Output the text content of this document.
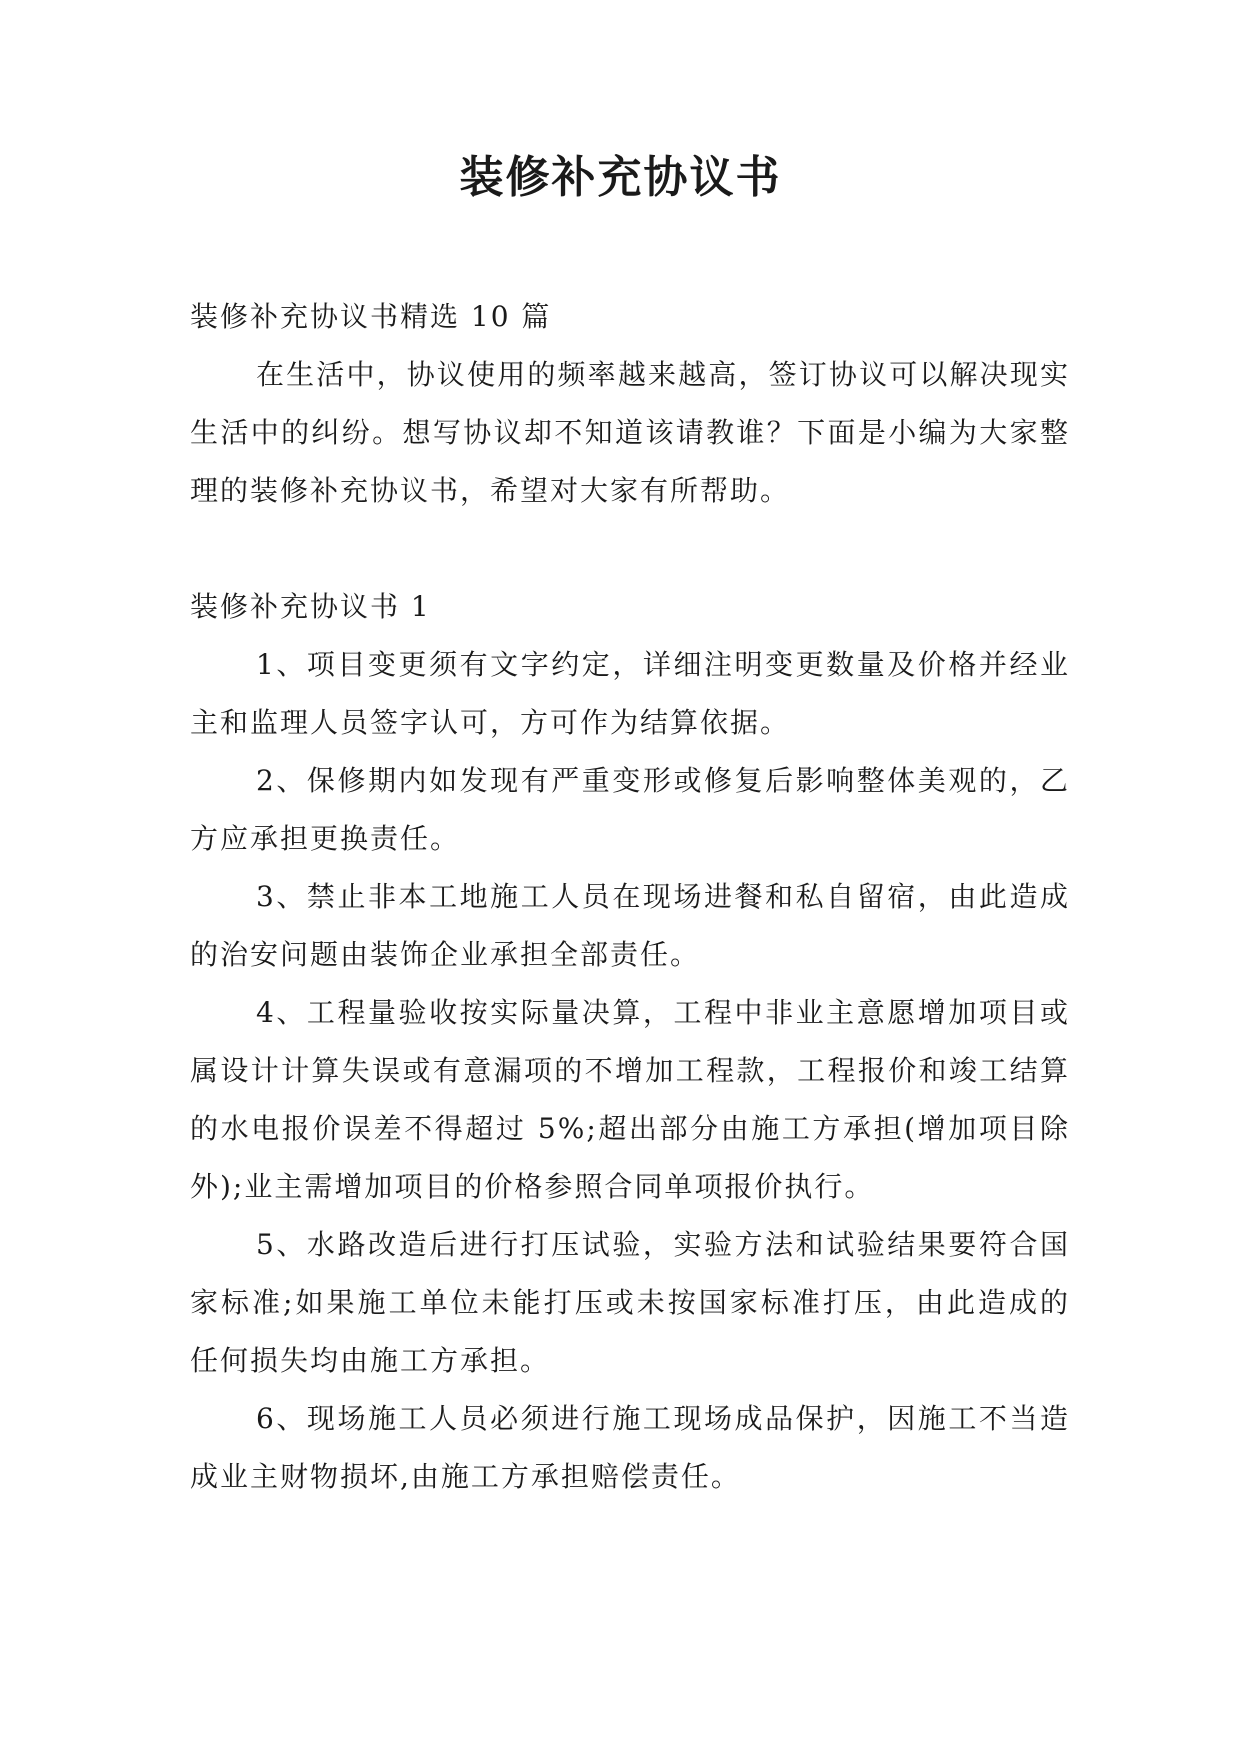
装修补充协议书

装修补充协议书精选 10 篇

在生活中，协议使用的频率越来越高，签订协议可以解决现实生活中的纠纷。想写协议却不知道该请教谁？下面是小编为大家整理的装修补充协议书，希望对大家有所帮助。

装修补充协议书 1

1、项目变更须有文字约定，详细注明变更数量及价格并经业主和监理人员签字认可，方可作为结算依据。

2、保修期内如发现有严重变形或修复后影响整体美观的，乙方应承担更换责任。

3、禁止非本工地施工人员在现场进餐和私自留宿，由此造成的治安问题由装饰企业承担全部责任。

4、工程量验收按实际量决算，工程中非业主意愿增加项目或属设计计算失误或有意漏项的不增加工程款，工程报价和竣工结算的水电报价误差不得超过 5%;超出部分由施工方承担(增加项目除外);业主需增加项目的价格参照合同单项报价执行。

5、水路改造后进行打压试验，实验方法和试验结果要符合国家标准;如果施工单位未能打压或未按国家标准打压，由此造成的任何损失均由施工方承担。

6、现场施工人员必须进行施工现场成品保护，因施工不当造成业主财物损坏,由施工方承担赔偿责任。
